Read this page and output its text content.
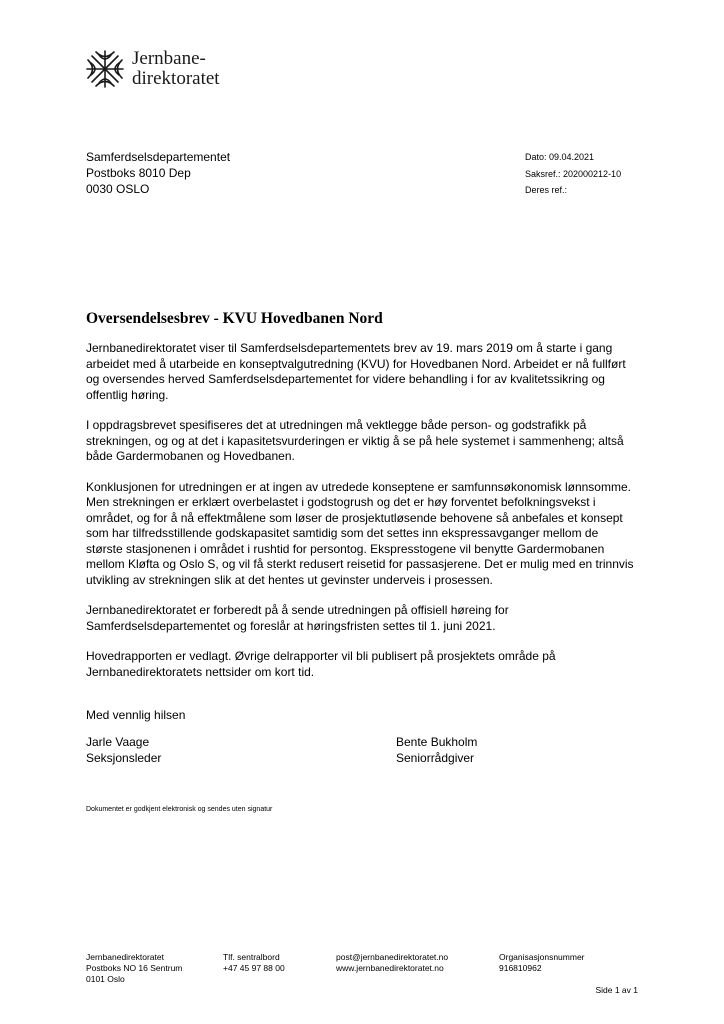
Jernbane-
direktoratet
Samferdselsdepartementet
Postboks 8010 Dep
0030 OSLO
Dato: 09.04.2021
Saksref.: 202000212-10
Deres ref.:
Oversendelsesbrev - KVU Hovedbanen Nord

Jernbanedirektoratet viser til Samferdselsdepartementets brev av 19. mars 2019 om å starte i gang arbeidet med å utarbeide en konseptvalgutredning (KVU) for Hovedbanen Nord. Arbeidet er nå fullført og oversendes herved Samferdselsdepartementet for videre behandling i for av kvalitetssikring og offentlig høring.

I oppdragsbrevet spesifiseres det at utredningen må vektlegge både person- og godstrafikk på strekningen, og og at det i kapasitetsvurderingen er viktig å se på hele systemet i sammenheng; altså både Gardermobanen og Hovedbanen.

Konklusjonen for utredningen er at ingen av utredede konseptene er samfunnsøkonomisk lønnsomme. Men strekningen er erklært overbelastet i godstogrush og det er høy forventet befolkningsvekst i området, og for å nå effektmålene som løser de prosjektutløsende behovene så anbefales et konsept som har tilfredsstillende godskapasitet samtidig som det settes inn ekspressavganger mellom de største stasjonenen i området i rushtid for persontog. Ekspresstogene vil benytte Gardermobanen mellom Kløfta og Oslo S, og vil få sterkt redusert reisetid for passasjerene. Det er mulig med en trinnvis utvikling av strekningen slik at det hentes ut gevinster underveis i prosessen.

Jernbanedirektoratet er forberedt på å sende utredningen på offisiell høreing for Samferdselsdepartementet og foreslår at høringsfristen settes til 1. juni 2021.

Hovedrapporten er vedlagt. Øvrige delrapporter vil bli publisert på prosjektets område på Jernbanedirektoratets nettsider om kort tid.

Med vennlig hilsen
Jarle Vaage
Seksjonsleder
Bente Bukholm
Seniorrådgiver
Dokumentet er godkjent elektronisk og sendes uten signatur
Jernbanedirektoratet
Postboks NO 16 Sentrum
0101 Oslo
Tlf. sentralbord
+47 45 97 88 00
post@jernbanedirektoratet.no
www.jernbanedirektoratet.no
Organisasjonsnummer
916810962
Side 1 av 1
